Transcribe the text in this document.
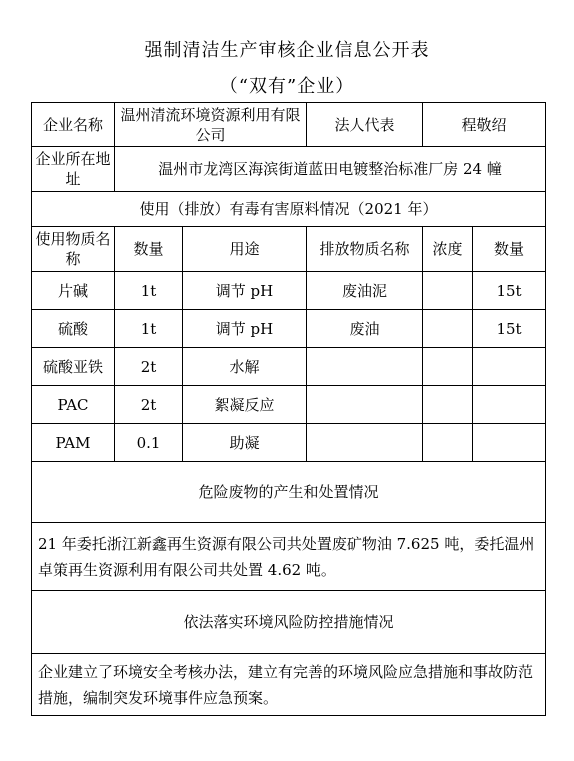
强制清洁生产审核企业信息公开表
（“双有”企业）
企业名称	温州清流环境资源利用有限公司		法人代表	程敬绍	
企业所在地址	温州市龙湾区海滨街道蓝田电镀整治标准厂房 24 幢				
使用（排放）有毒有害原料情况（2021 年）					
使用物质名称	数量	用途	排放物质名称	浓度	数量
片碱	1t	调节 pH	废油泥		15t
硫酸	1t	调节 pH	废油		15t
硫酸亚铁	2t	水解			
PAC	2t	絮凝反应			
PAM	0.1	助凝			
危险废物的产生和处置情况					
21 年委托浙江新鑫再生资源有限公司共处置废矿物油 7.625 吨，委托温州卓策再生资源利用有限公司共处置 4.62 吨。					
依法落实环境风险防控措施情况					
企业建立了环境安全考核办法，建立有完善的环境风险应急措施和事故防范措施，编制突发环境事件应急预案。					
